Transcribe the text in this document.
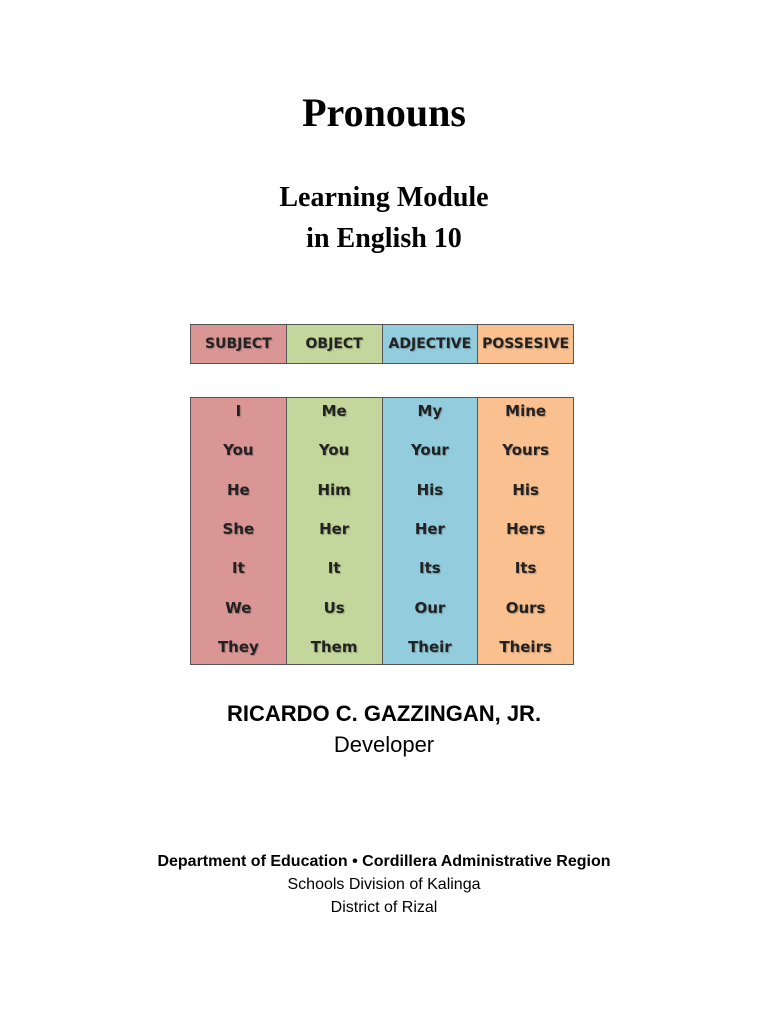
Pronouns
Learning Module
in English 10
SUBJECT	OBJECT	ADJECTIVE POSSESIVE
I
You
He
She
It
We
They
Me
You
Him
Her
It
Us
Them
My
Your
His
Her
Its
Our
Their
Mine
Yours
His
Hers
Its
Ours
Theirs
RICARDO C. GAZZINGAN, JR.
Developer
Department of Education • Cordillera Administrative Region
Schools Division of Kalinga
District of Rizal
